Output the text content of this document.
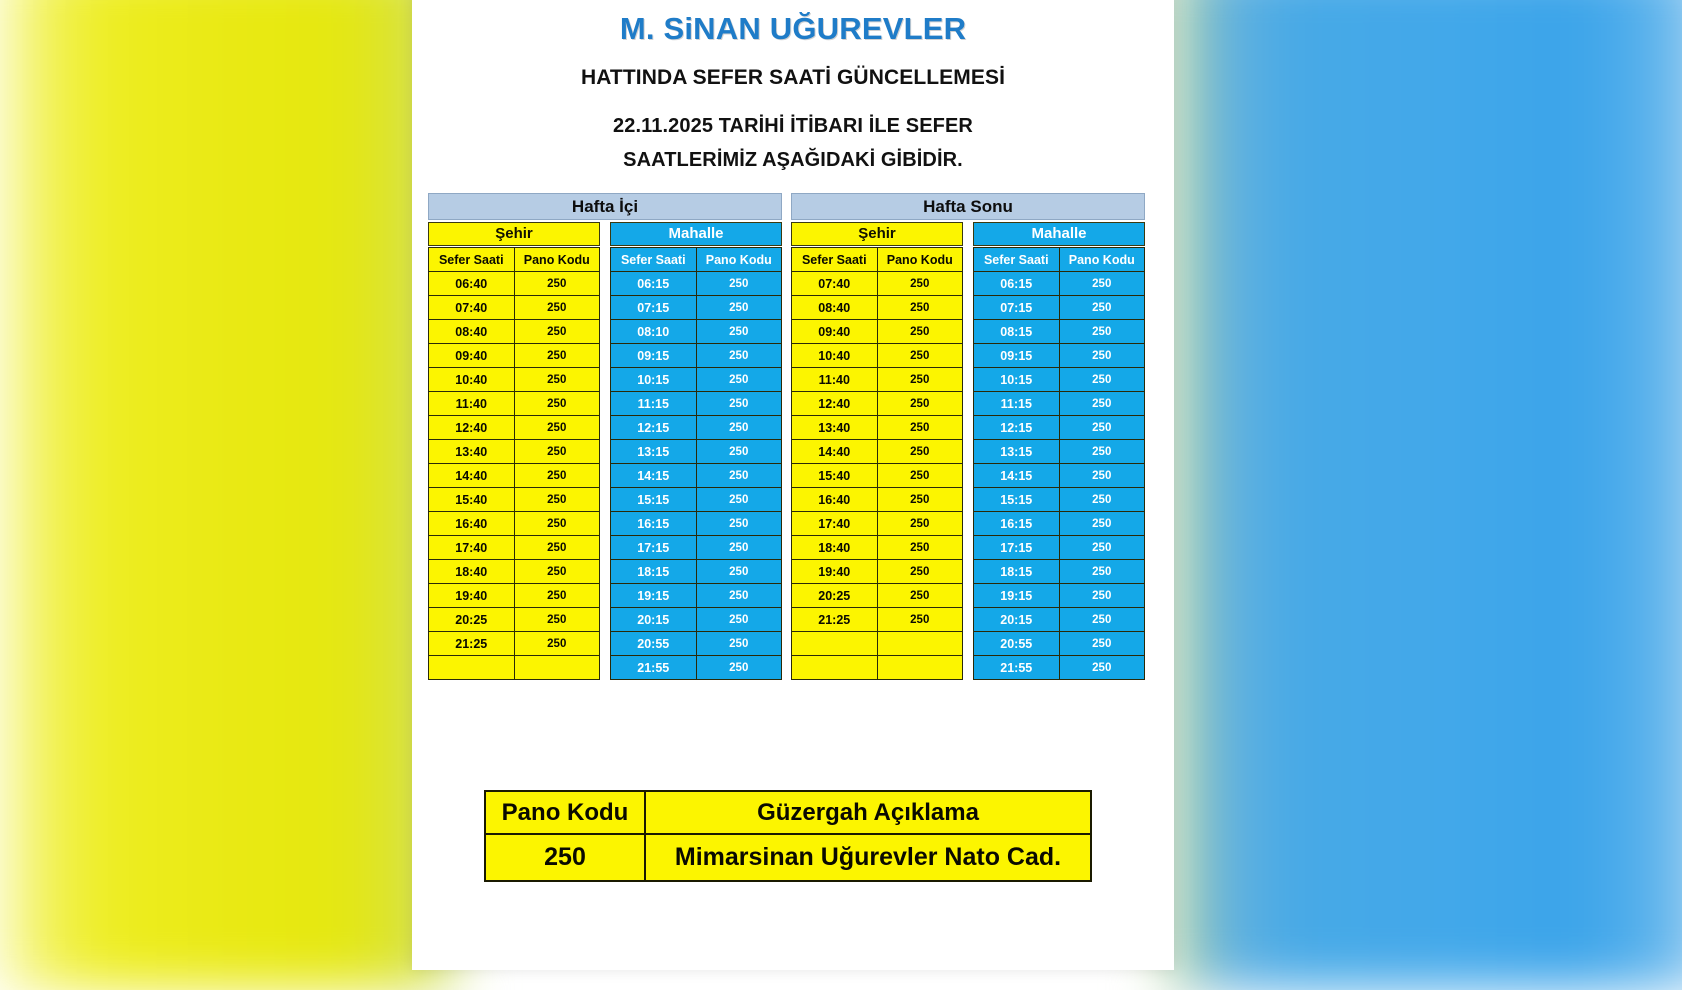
M. SiNAN UĞUREVLER
HATTINDA SEFER SAATİ GÜNCELLEMESİ
22.11.2025 TARİHİ İTİBARI İLE SEFER
SAATLERİMİZ AŞAĞIDAKİ GİBİDİR.
Hafta İçi
Şehir
Sefer Saati	Pano Kodu
06:40	250
07:40	250
08:40	250
09:40	250
10:40	250
11:40	250
12:40	250
13:40	250
14:40	250
15:40	250
16:40	250
17:40	250
18:40	250
19:40	250
20:25	250
21:25	250

Mahalle
Sefer Saati	Pano Kodu
06:15	250
07:15	250
08:10	250
09:15	250
10:15	250
11:15	250
12:15	250
13:15	250
14:15	250
15:15	250
16:15	250
17:15	250
18:15	250
19:15	250
20:15	250
20:55	250
21:55	250
Hafta Sonu
Şehir
Sefer Saati	Pano Kodu
07:40	250
08:40	250
09:40	250
10:40	250
11:40	250
12:40	250
13:40	250
14:40	250
15:40	250
16:40	250
17:40	250
18:40	250
19:40	250
20:25	250
21:25	250

Mahalle
Sefer Saati	Pano Kodu
06:15	250
07:15	250
08:15	250
09:15	250
10:15	250
11:15	250
12:15	250
13:15	250
14:15	250
15:15	250
16:15	250
17:15	250
18:15	250
19:15	250
20:15	250
20:55	250
21:55	250
Pano Kodu	Güzergah Açıklama
250	Mimarsinan Uğurevler Nato Cad.
